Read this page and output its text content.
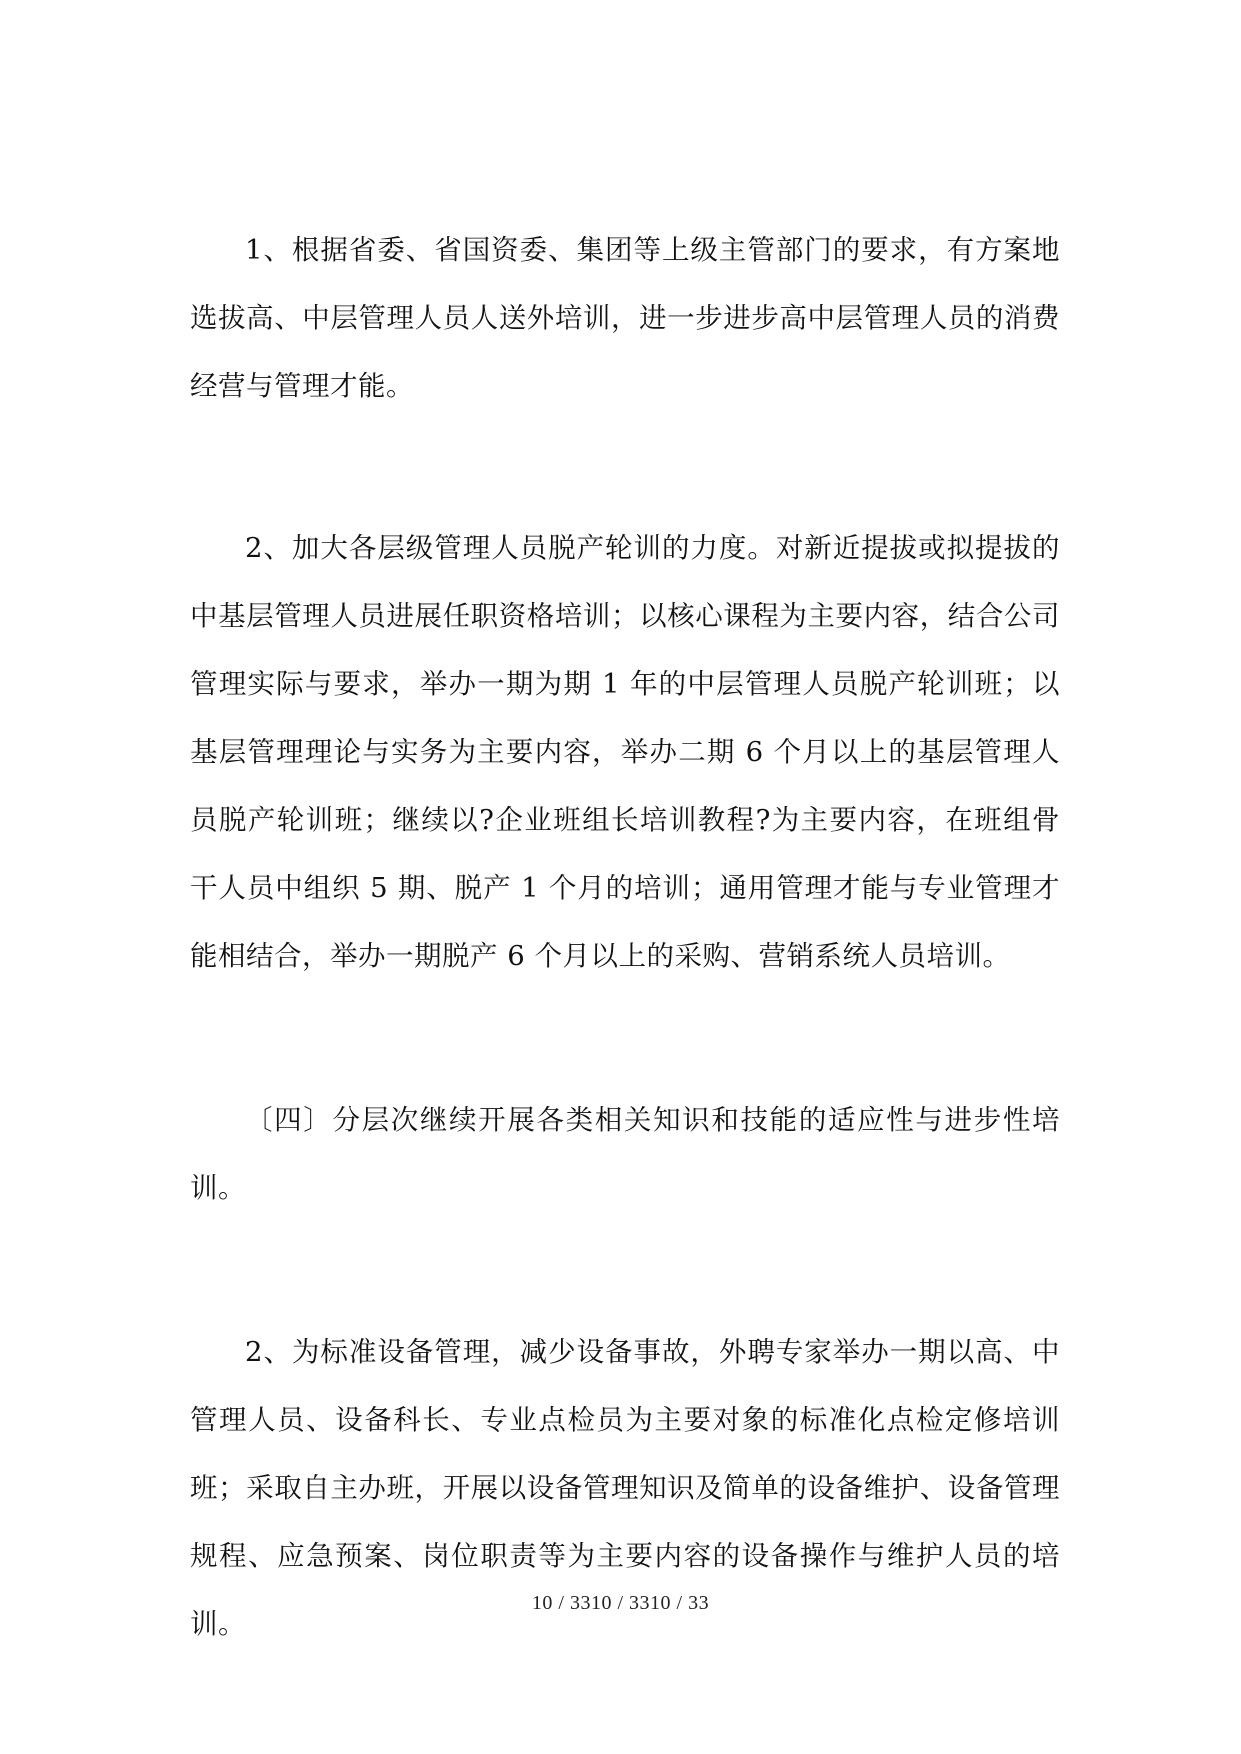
1、根据省委、省国资委、集团等上级主管部门的要求，有方案地选拔高、中层管理人员人送外培训，进一步进步高中层管理人员的消费经营与管理才能。

2、加大各层级管理人员脱产轮训的力度。对新近提拔或拟提拔的中基层管理人员进展任职资格培训；以核心课程为主要内容，结合公司管理实际与要求，举办一期为期 1 年的中层管理人员脱产轮训班；以基层管理理论与实务为主要内容，举办二期 6 个月以上的基层管理人员脱产轮训班；继续以?企业班组长培训教程?为主要内容，在班组骨干人员中组织 5 期、脱产 1 个月的培训；通用管理才能与专业管理才能相结合，举办一期脱产 6 个月以上的采购、营销系统人员培训。

〔四〕分层次继续开展各类相关知识和技能的适应性与进步性培训。

2、为标准设备管理，减少设备事故，外聘专家举办一期以高、中管理人员、设备科长、专业点检员为主要对象的标准化点检定修培训班；采取自主办班，开展以设备管理知识及简单的设备维护、设备管理规程、应急预案、岗位职责等为主要内容的设备操作与维护人员的培训。

10 / 3310 / 3310 / 33
